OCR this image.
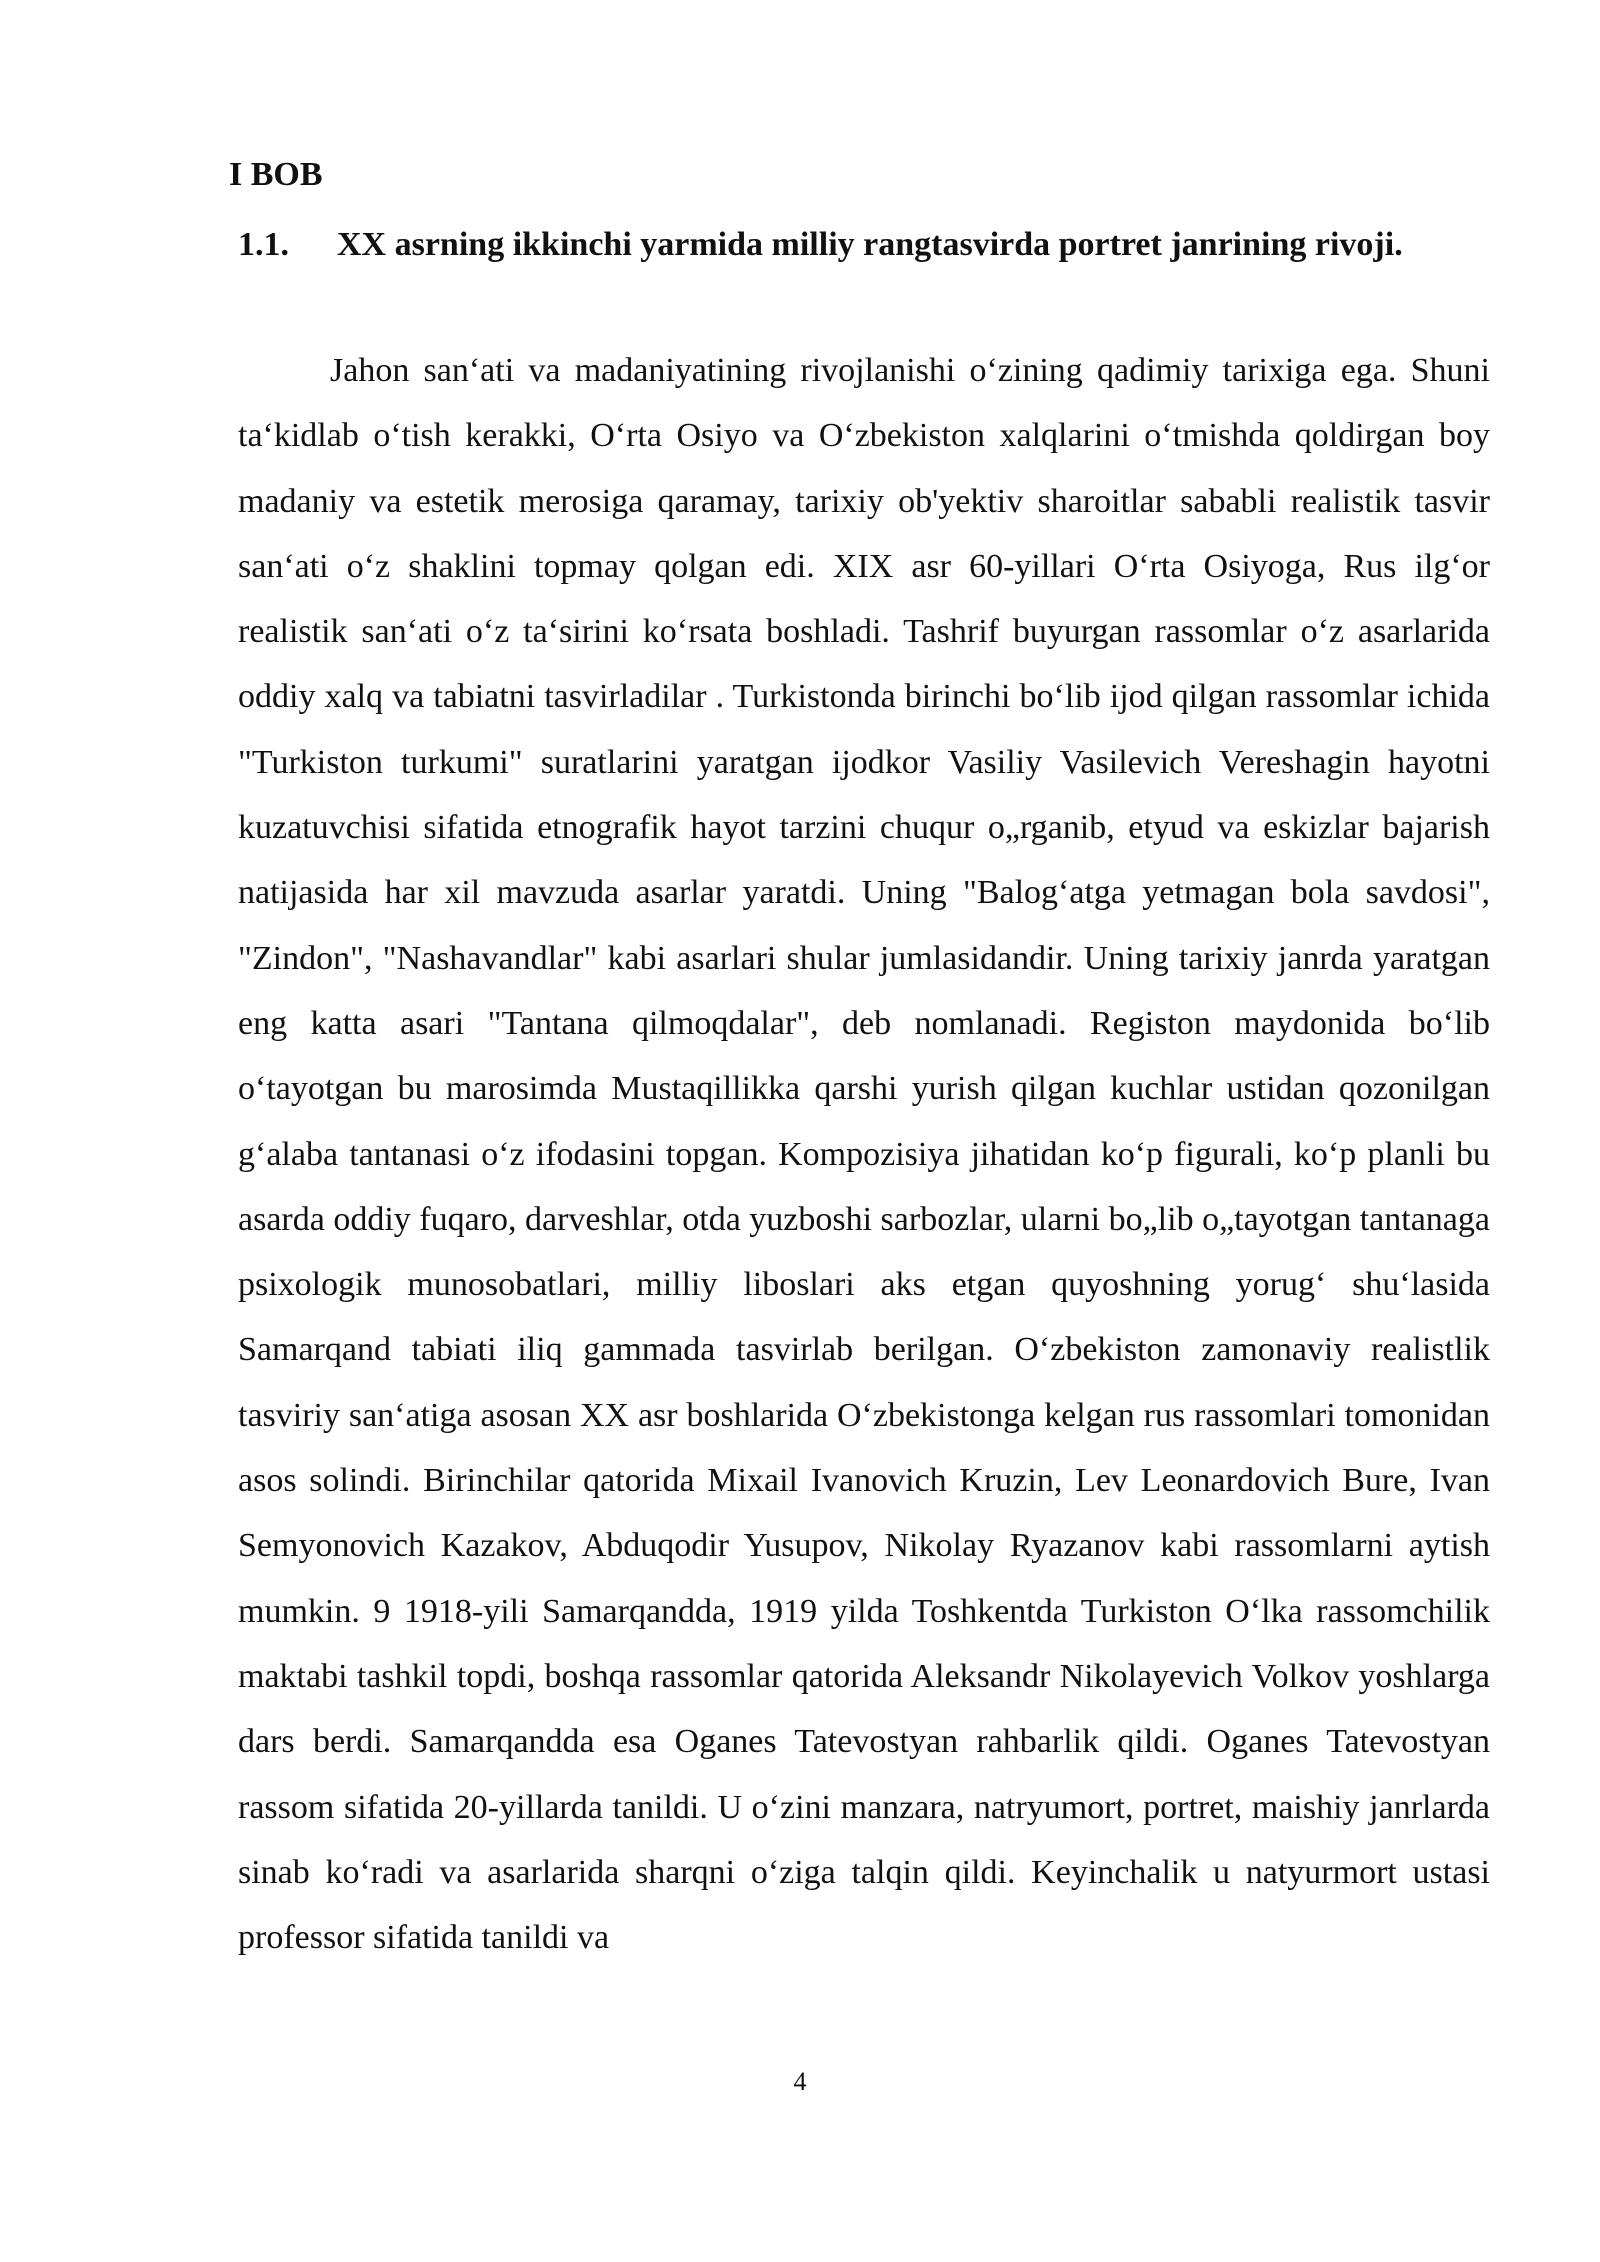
I BOB
1.1. XX asrning ikkinchi yarmida milliy rangtasvirda portret janrining rivoji.

Jahon san‘ati va madaniyatining rivojlanishi o‘zining qadimiy tarixiga ega. Shuni ta‘kidlab o‘tish kerakki, O‘rta Osiyo va O‘zbekiston xalqlarini o‘tmishda qoldirgan boy madaniy va estetik merosiga qaramay, tarixiy ob'yektiv sharoitlar sababli realistik tasvir san‘ati o‘z shaklini topmay qolgan edi. XIX asr 60-yillari O‘rta Osiyoga, Rus ilg‘or realistik san‘ati o‘z ta‘sirini ko‘rsata boshladi. Tashrif buyurgan rassomlar o‘z asarlarida oddiy xalq va tabiatni tasvirladilar . Turkistonda birinchi bo‘lib ijod qilgan rassomlar ichida "Turkiston turkumi" suratlarini yaratgan ijodkor Vasiliy Vasilevich Vereshagin hayotni kuzatuvchisi sifatida etnografik hayot tarzini chuqur o„rganib, etyud va eskizlar bajarish natijasida har xil mavzuda asarlar yaratdi. Uning "Balog‘atga yetmagan bola savdosi", "Zindon", "Nashavandlar" kabi asarlari shular jumlasidandir. Uning tarixiy janrda yaratgan eng katta asari "Tantana qilmoqdalar", deb nomlanadi. Registon maydonida bo‘lib o‘tayotgan bu marosimda Mustaqillikka qarshi yurish qilgan kuchlar ustidan qozonilgan g‘alaba tantanasi o‘z ifodasini topgan. Kompozisiya jihatidan ko‘p figurali, ko‘p planli bu asarda oddiy fuqaro, darveshlar, otda yuzboshi sarbozlar, ularni bo„lib o„tayotgan tantanaga psixologik munosobatlari, milliy liboslari aks etgan quyoshning yorug‘ shu‘lasida Samarqand tabiati iliq gammada tasvirlab berilgan. O‘zbekiston zamonaviy realistlik tasviriy san‘atiga asosan XX asr boshlarida O‘zbekistonga kelgan rus rassomlari tomonidan asos solindi. Birinchilar qatorida Mixail Ivanovich Kruzin, Lev Leonardovich Bure, Ivan Semyonovich Kazakov, Abduqodir Yusupov, Nikolay Ryazanov kabi rassomlarni aytish mumkin. 9 1918-yili Samarqandda, 1919 yilda Toshkentda Turkiston O‘lka rassomchilik maktabi tashkil topdi, boshqa rassomlar qatorida Aleksandr Nikolayevich Volkov yoshlarga dars berdi. Samarqandda esa Oganes Tatevostyan rahbarlik qildi. Oganes Tatevostyan rassom sifatida 20-yillarda tanildi. U o‘zini manzara, natryumort, portret, maishiy janrlarda sinab ko‘radi va asarlarida sharqni o‘ziga talqin qildi. Keyinchalik u natyurmort ustasi professor sifatida tanildi va

4
